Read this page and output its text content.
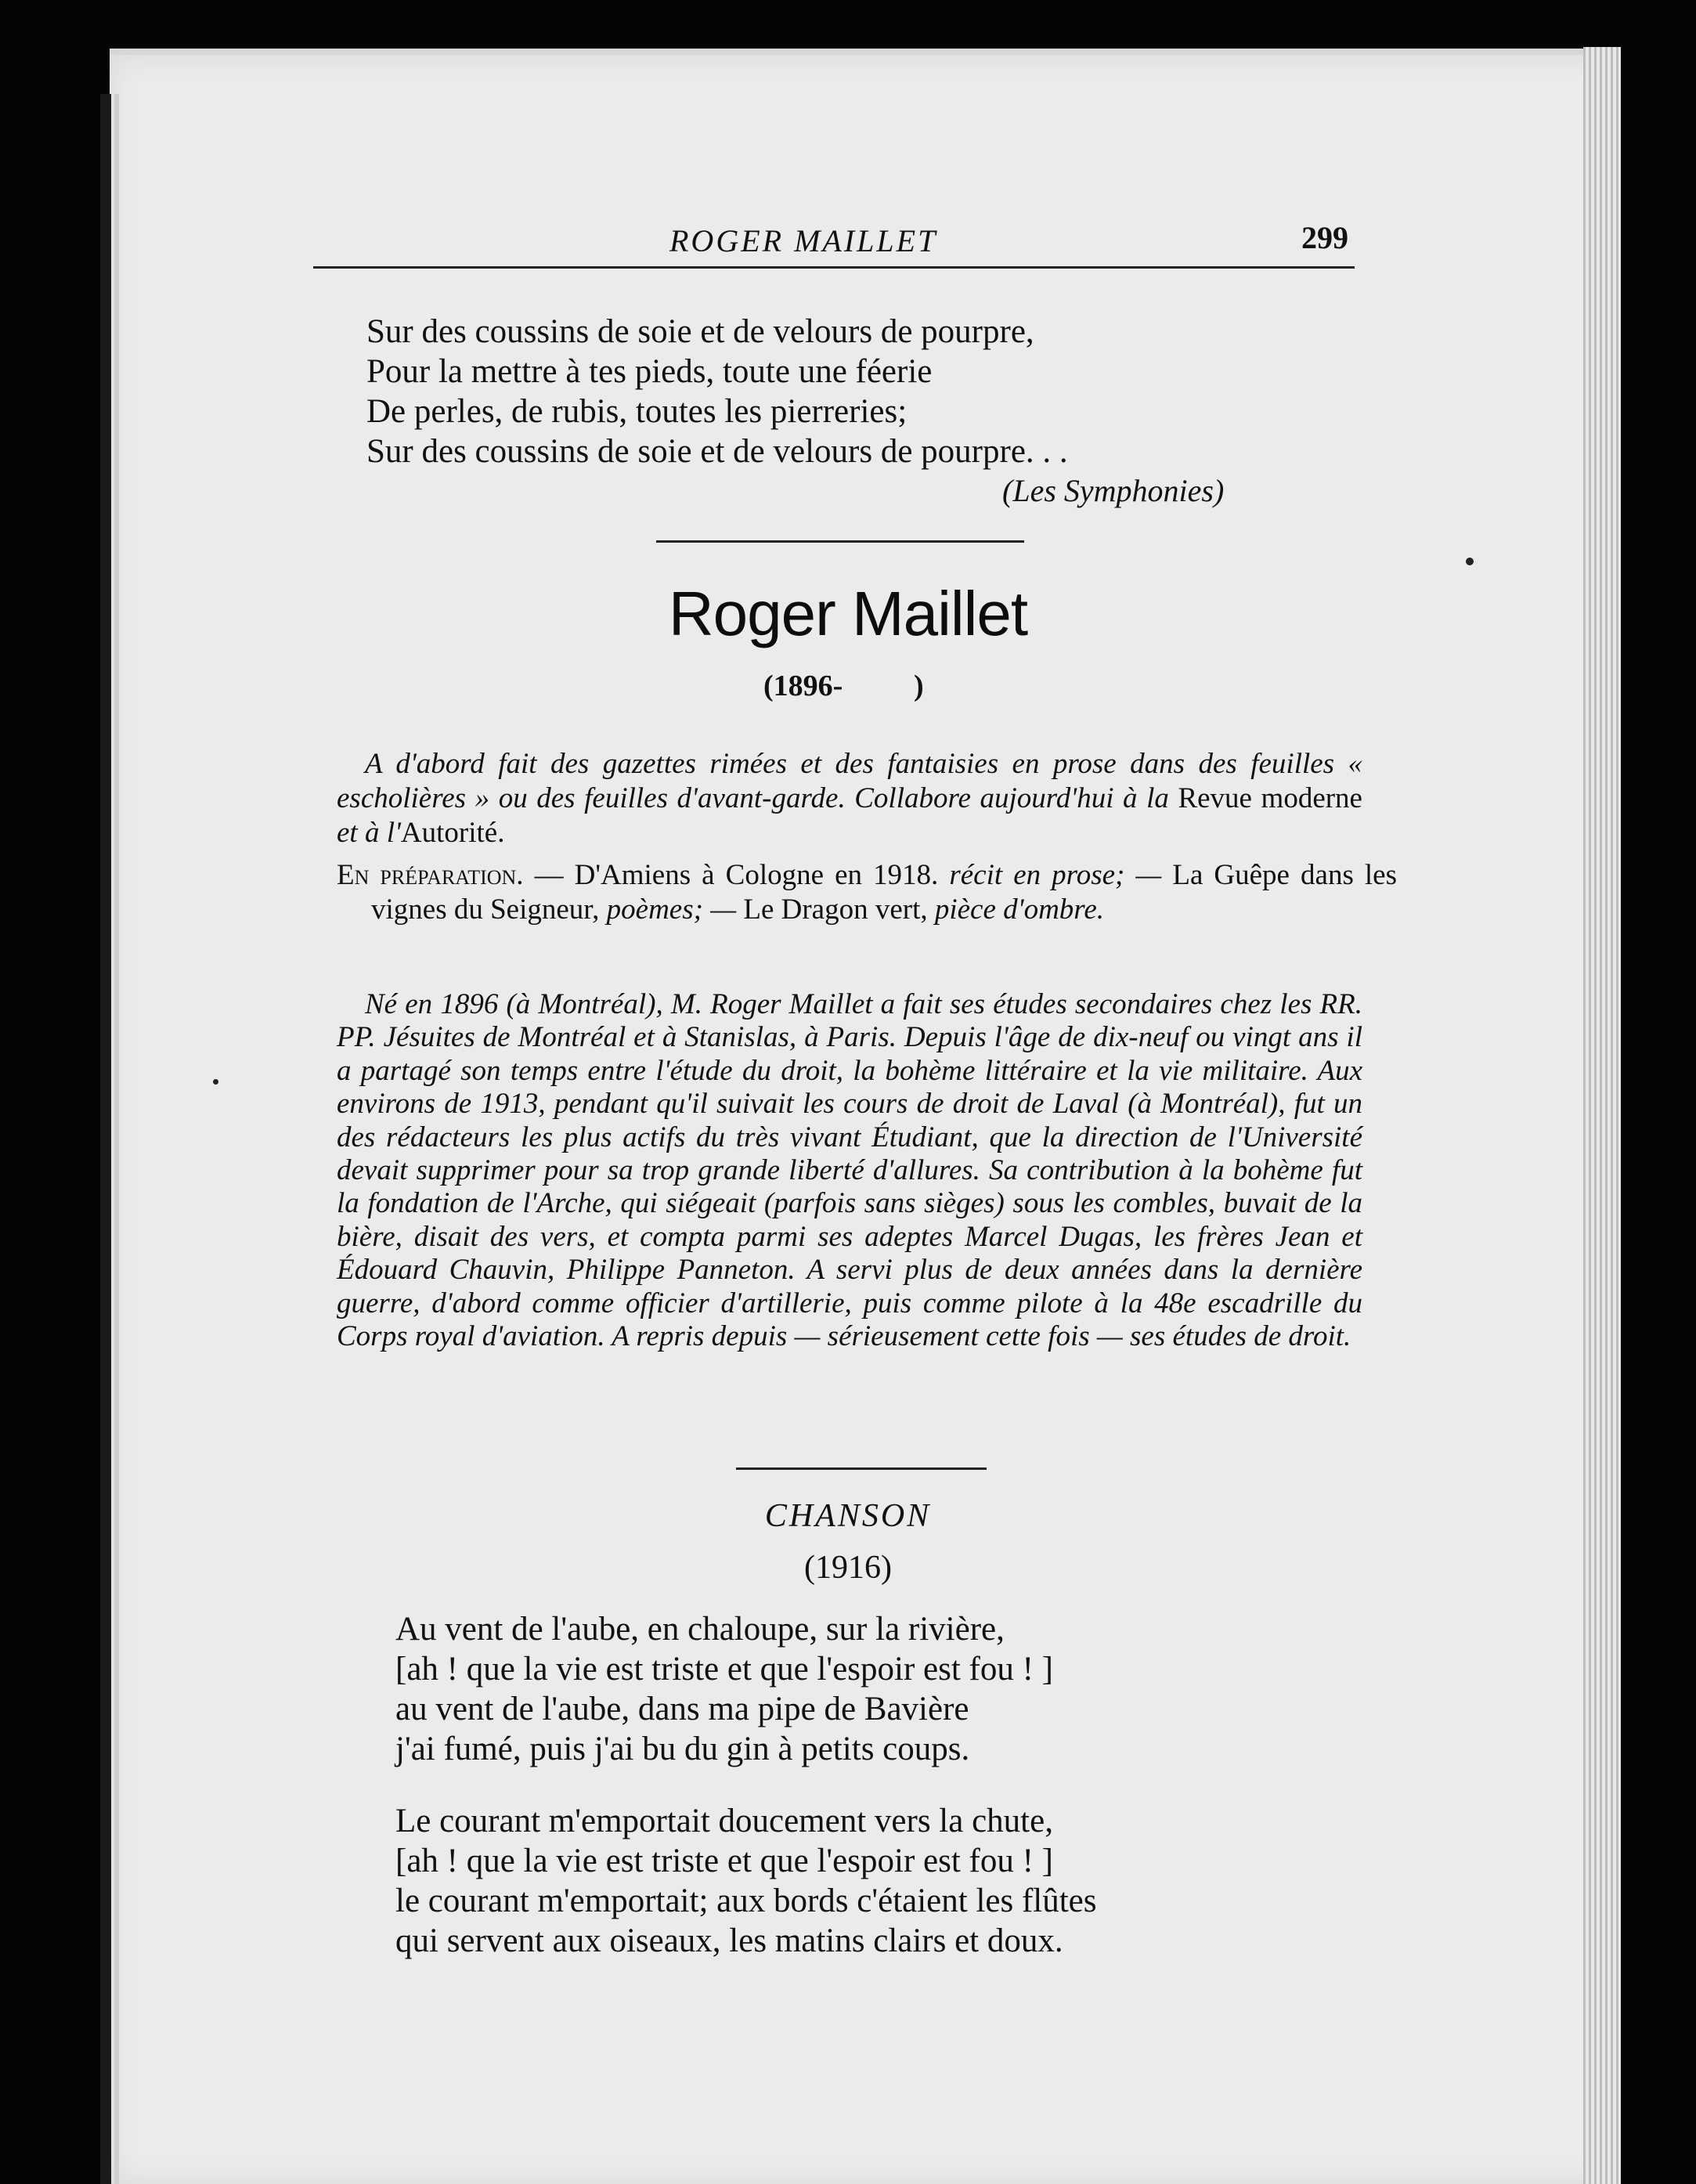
ROGER MAILLET	299
Sur des coussins de soie et de velours de pourpre,
Pour la mettre à tes pieds, toute une féerie
De perles, de rubis, toutes les pierreries;
Sur des coussins de soie et de velours de pourpre. . .
(Les Symphonies)
Roger Maillet
(1896- )
A d'abord fait des gazettes rimées et des fantaisies en prose dans des feuilles « escholières » ou des feuilles d'avant-garde. Collabore aujourd'hui à la Revue moderne et à l'Autorité.
En préparation. — D'Amiens à Cologne en 1918. récit en prose; — La Guêpe dans les vignes du Seigneur, poèmes; — Le Dragon vert, pièce d'ombre.
Né en 1896 (à Montréal), M. Roger Maillet a fait ses études secondaires chez les RR. PP. Jésuites de Montréal et à Stanislas, à Paris. Depuis l'âge de dix-neuf ou vingt ans il a partagé son temps entre l'étude du droit, la bohème littéraire et la vie militaire. Aux environs de 1913, pendant qu'il suivait les cours de droit de Laval (à Montréal), fut un des rédacteurs les plus actifs du très vivant Étudiant, que la direction de l'Université devait supprimer pour sa trop grande liberté d'allures. Sa contribution à la bohème fut la fondation de l'Arche, qui siégeait (parfois sans sièges) sous les combles, buvait de la bière, disait des vers, et compta parmi ses adeptes Marcel Dugas, les frères Jean et Édouard Chauvin, Philippe Panneton. A servi plus de deux années dans la dernière guerre, d'abord comme officier d'artillerie, puis comme pilote à la 48e escadrille du Corps royal d'aviation. A repris depuis — sérieusement cette fois — ses études de droit.
CHANSON
(1916)
Au vent de l'aube, en chaloupe, sur la rivière,
[ah ! que la vie est triste et que l'espoir est fou ! ]
au vent de l'aube, dans ma pipe de Bavière
j'ai fumé, puis j'ai bu du gin à petits coups.
Le courant m'emportait doucement vers la chute,
[ah ! que la vie est triste et que l'espoir est fou ! ]
le courant m'emportait; aux bords c'étaient les flûtes
qui servent aux oiseaux, les matins clairs et doux.
